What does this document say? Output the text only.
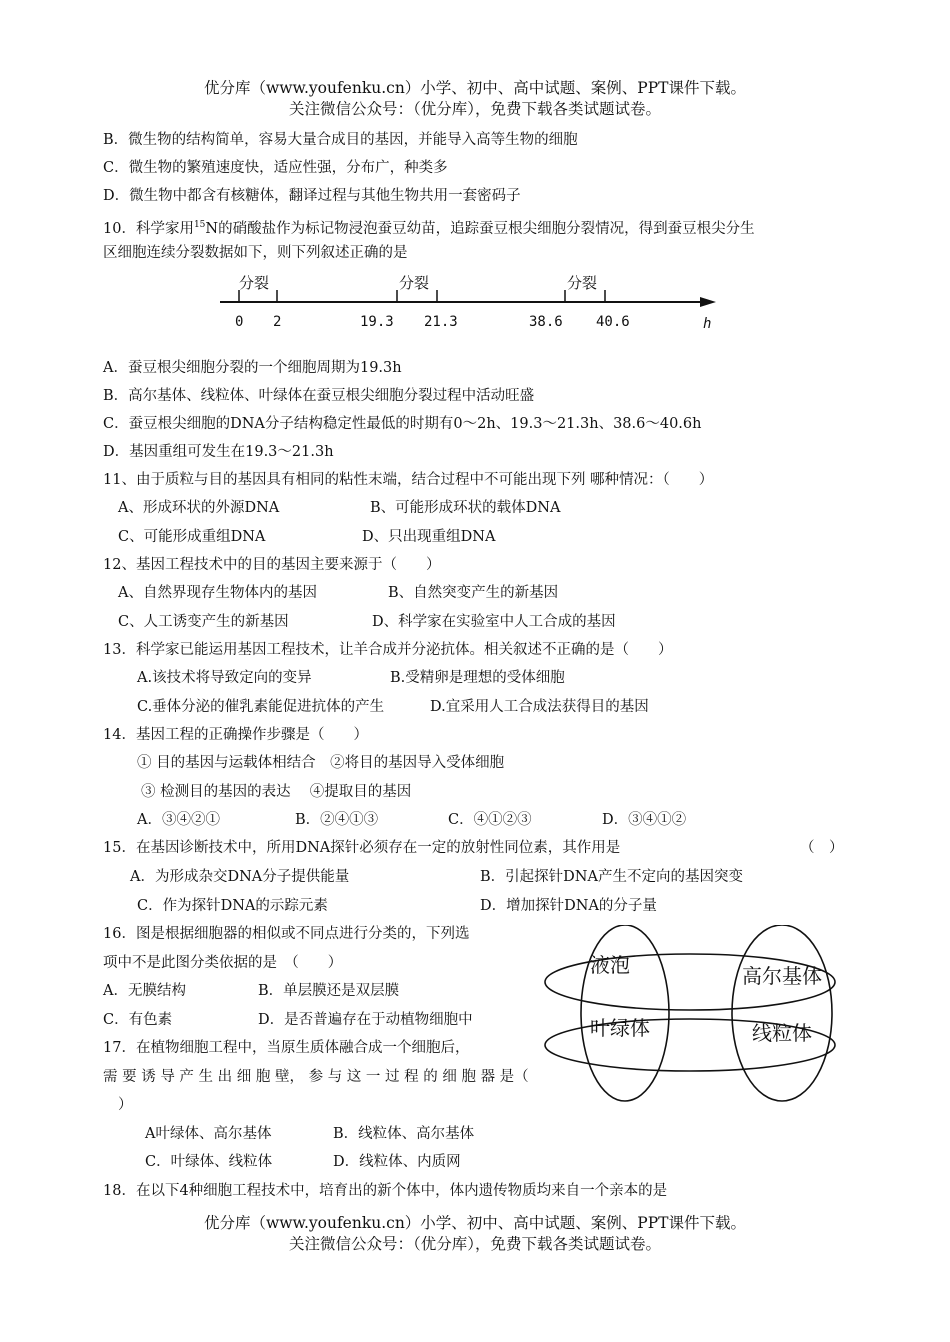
优分库（www.youfenku.cn）小学、初中、高中试题、案例、PPT课件下载。
关注微信公众号：（优分库），免费下载各类试题试卷。
B．微生物的结构简单，容易大量合成目的基因，并能导入高等生物的细胞
C．微生物的繁殖速度快，适应性强，分布广，种类多
D．微生物中都含有核糖体，翻译过程与其他生物共用一套密码子
10．科学家用$^{15}$N的硝酸盐作为标记物浸泡蚕豆幼苗，追踪蚕豆根尖细胞分裂情况，得到蚕豆根尖分生
区细胞连续分裂数据如下，则下列叙述正确的是
分裂	分裂	分裂
0 2	19.3 21.3	38.6 40.6	h
A．蚕豆根尖细胞分裂的一个细胞周期为19.3h
B．高尔基体、线粒体、叶绿体在蚕豆根尖细胞分裂过程中活动旺盛
C．蚕豆根尖细胞的DNA分子结构稳定性最低的时期有0～2h、19.3～21.3h、38.6～40.6h
D．基因重组可发生在19.3～21.3h
11、由于质粒与目的基因具有相同的粘性末端，结合过程中不可能出现下列 哪种情况：（　　）
A、形成环状的外源DNA	B、可能形成环状的载体DNA
C、可能形成重组DNA	D、只出现重组DNA
12、基因工程技术中的目的基因主要来源于（　　）
A、自然界现存生物体内的基因	B、自然突变产生的新基因
C、人工诱变产生的新基因	D、科学家在实验室中人工合成的基因
13．科学家已能运用基因工程技术，让羊合成并分泌抗体。相关叙述不正确的是（　　）
A.该技术将导致定向的变异	B.受精卵是理想的受体细胞
C.垂体分泌的催乳素能促进抗体的产生	D.宜采用人工合成法获得目的基因
14．基因工程的正确操作步骤是（　　）
① 目的基因与运载体相结合　②将目的基因导入受体细胞
③ 检测目的基因的表达　 ④提取目的基因
A．③④②①	B．②④①③	C．④①②③	D．③④①②
15．在基因诊断技术中，所用DNA探针必须存在一定的放射性同位素，其作用是	（　）
A．为形成杂交DNA分子提供能量	B．引起探针DNA产生不定向的基因突变
C．作为探针DNA的示踪元素	D．增加探针DNA的分子量
16．图是根据细胞器的相似或不同点进行分类的，下列选
项中不是此图分类依据的是　（　　）
A．无膜结构	B．单层膜还是双层膜
C．有色素	D．是否普遍存在于动植物细胞中
液泡	高尔基体
叶绿体	线粒体
17．在植物细胞工程中，当原生质体融合成一个细胞后，
需 要 诱 导 产 生 出 细 胞 壁， 参 与 这 一 过 程 的 细 胞 器 是（
）
A叶绿体、高尔基体	B．线粒体、高尔基体
C．叶绿体、线粒体	D．线粒体、内质网
18．在以下4种细胞工程技术中，培育出的新个体中，体内遗传物质均来自一个亲本的是
优分库（www.youfenku.cn）小学、初中、高中试题、案例、PPT课件下载。
关注微信公众号：（优分库），免费下载各类试题试卷。
